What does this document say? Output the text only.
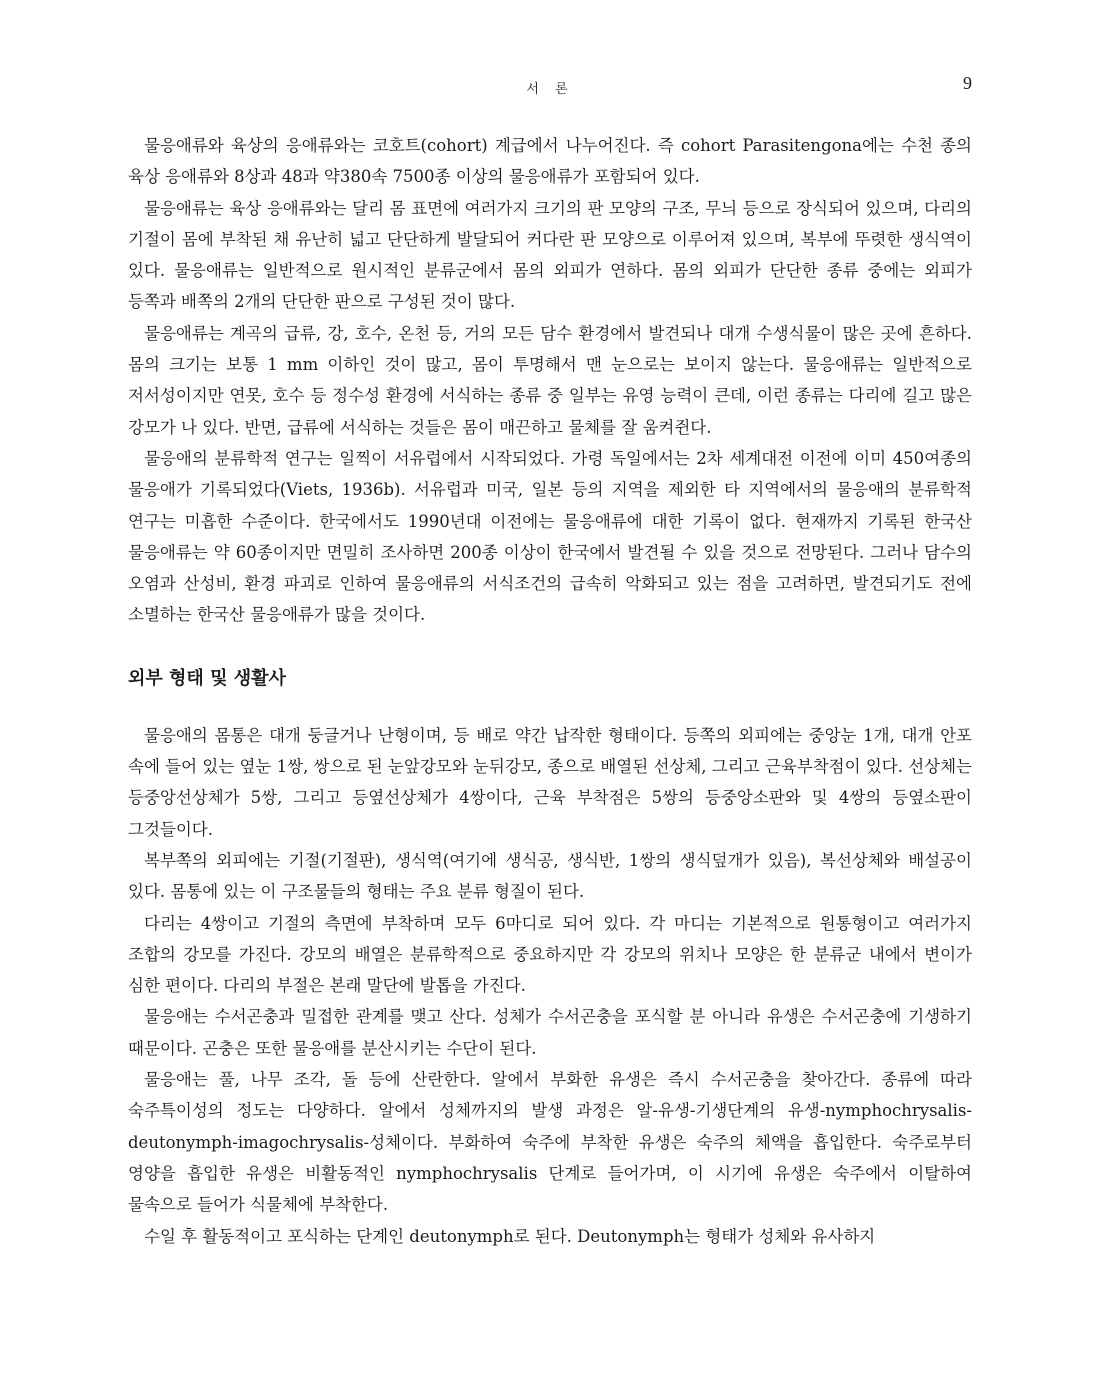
서 론	9

물응애류와 육상의 응애류와는 코호트(cohort) 계급에서 나누어진다. 즉 cohort Parasitengona에는 수천 종의 육상 응애류와 8상과 48과 약380속 7500종 이상의 물응애류가 포함되어 있다.

물응애류는 육상 응애류와는 달리 몸 표면에 여러가지 크기의 판 모양의 구조, 무늬 등으로 장식되어 있으며, 다리의 기절이 몸에 부착된 채 유난히 넓고 단단하게 발달되어 커다란 판 모양으로 이루어져 있으며, 복부에 뚜렷한 생식역이 있다. 물응애류는 일반적으로 원시적인 분류군에서 몸의 외피가 연하다. 몸의 외피가 단단한 종류 중에는 외피가 등쪽과 배쪽의 2개의 단단한 판으로 구성된 것이 많다.

물응애류는 계곡의 급류, 강, 호수, 온천 등, 거의 모든 담수 환경에서 발견되나 대개 수생식물이 많은 곳에 흔하다. 몸의 크기는 보통 1 mm 이하인 것이 많고, 몸이 투명해서 맨 눈으로는 보이지 않는다. 물응애류는 일반적으로 저서성이지만 연못, 호수 등 정수성 환경에 서식하는 종류 중 일부는 유영 능력이 큰데, 이런 종류는 다리에 길고 많은 강모가 나 있다. 반면, 급류에 서식하는 것들은 몸이 매끈하고 물체를 잘 움켜쥔다.

물응애의 분류학적 연구는 일찍이 서유럽에서 시작되었다. 가령 독일에서는 2차 세계대전 이전에 이미 450여종의 물응애가 기록되었다(Viets, 1936b). 서유럽과 미국, 일본 등의 지역을 제외한 타 지역에서의 물응애의 분류학적 연구는 미흡한 수준이다. 한국에서도 1990년대 이전에는 물응애류에 대한 기록이 없다. 현재까지 기록된 한국산 물응애류는 약 60종이지만 면밀히 조사하면 200종 이상이 한국에서 발견될 수 있을 것으로 전망된다. 그러나 담수의 오염과 산성비, 환경 파괴로 인하여 물응애류의 서식조건의 급속히 악화되고 있는 점을 고려하면, 발견되기도 전에 소멸하는 한국산 물응애류가 많을 것이다.

외부 형태 및 생활사

물응애의 몸통은 대개 둥글거나 난형이며, 등 배로 약간 납작한 형태이다. 등쪽의 외피에는 중앙눈 1개, 대개 안포 속에 들어 있는 옆눈 1쌍, 쌍으로 된 눈앞강모와 눈뒤강모, 종으로 배열된 선상체, 그리고 근육부착점이 있다. 선상체는 등중앙선상체가 5쌍, 그리고 등옆선상체가 4쌍이다, 근육 부착점은 5쌍의 등중앙소판와 및 4쌍의 등옆소판이 그것들이다.

복부쪽의 외피에는 기절(기절판), 생식역(여기에 생식공, 생식반, 1쌍의 생식덮개가 있음), 복선상체와 배설공이 있다. 몸통에 있는 이 구조물들의 형태는 주요 분류 형질이 된다.

다리는 4쌍이고 기절의 측면에 부착하며 모두 6마디로 되어 있다. 각 마디는 기본적으로 원통형이고 여러가지 조합의 강모를 가진다. 강모의 배열은 분류학적으로 중요하지만 각 강모의 위치나 모양은 한 분류군 내에서 변이가 심한 편이다. 다리의 부절은 본래 말단에 발톱을 가진다.

물응애는 수서곤충과 밀접한 관계를 맺고 산다. 성체가 수서곤충을 포식할 분 아니라 유생은 수서곤충에 기생하기 때문이다. 곤충은 또한 물응애를 분산시키는 수단이 된다.

물응애는 풀, 나무 조각, 돌 등에 산란한다. 알에서 부화한 유생은 즉시 수서곤충을 찾아간다. 종류에 따라 숙주특이성의 정도는 다양하다. 알에서 성체까지의 발생 과정은 알-유생-기생단계의 유생-nymphochrysalis-deutonymph-imagochrysalis-성체이다. 부화하여 숙주에 부착한 유생은 숙주의 체액을 흡입한다. 숙주로부터 영양을 흡입한 유생은 비활동적인 nymphochrysalis 단계로 들어가며, 이 시기에 유생은 숙주에서 이탈하여 물속으로 들어가 식물체에 부착한다.

수일 후 활동적이고 포식하는 단계인 deutonymph로 된다. Deutonymph는 형태가 성체와 유사하지
